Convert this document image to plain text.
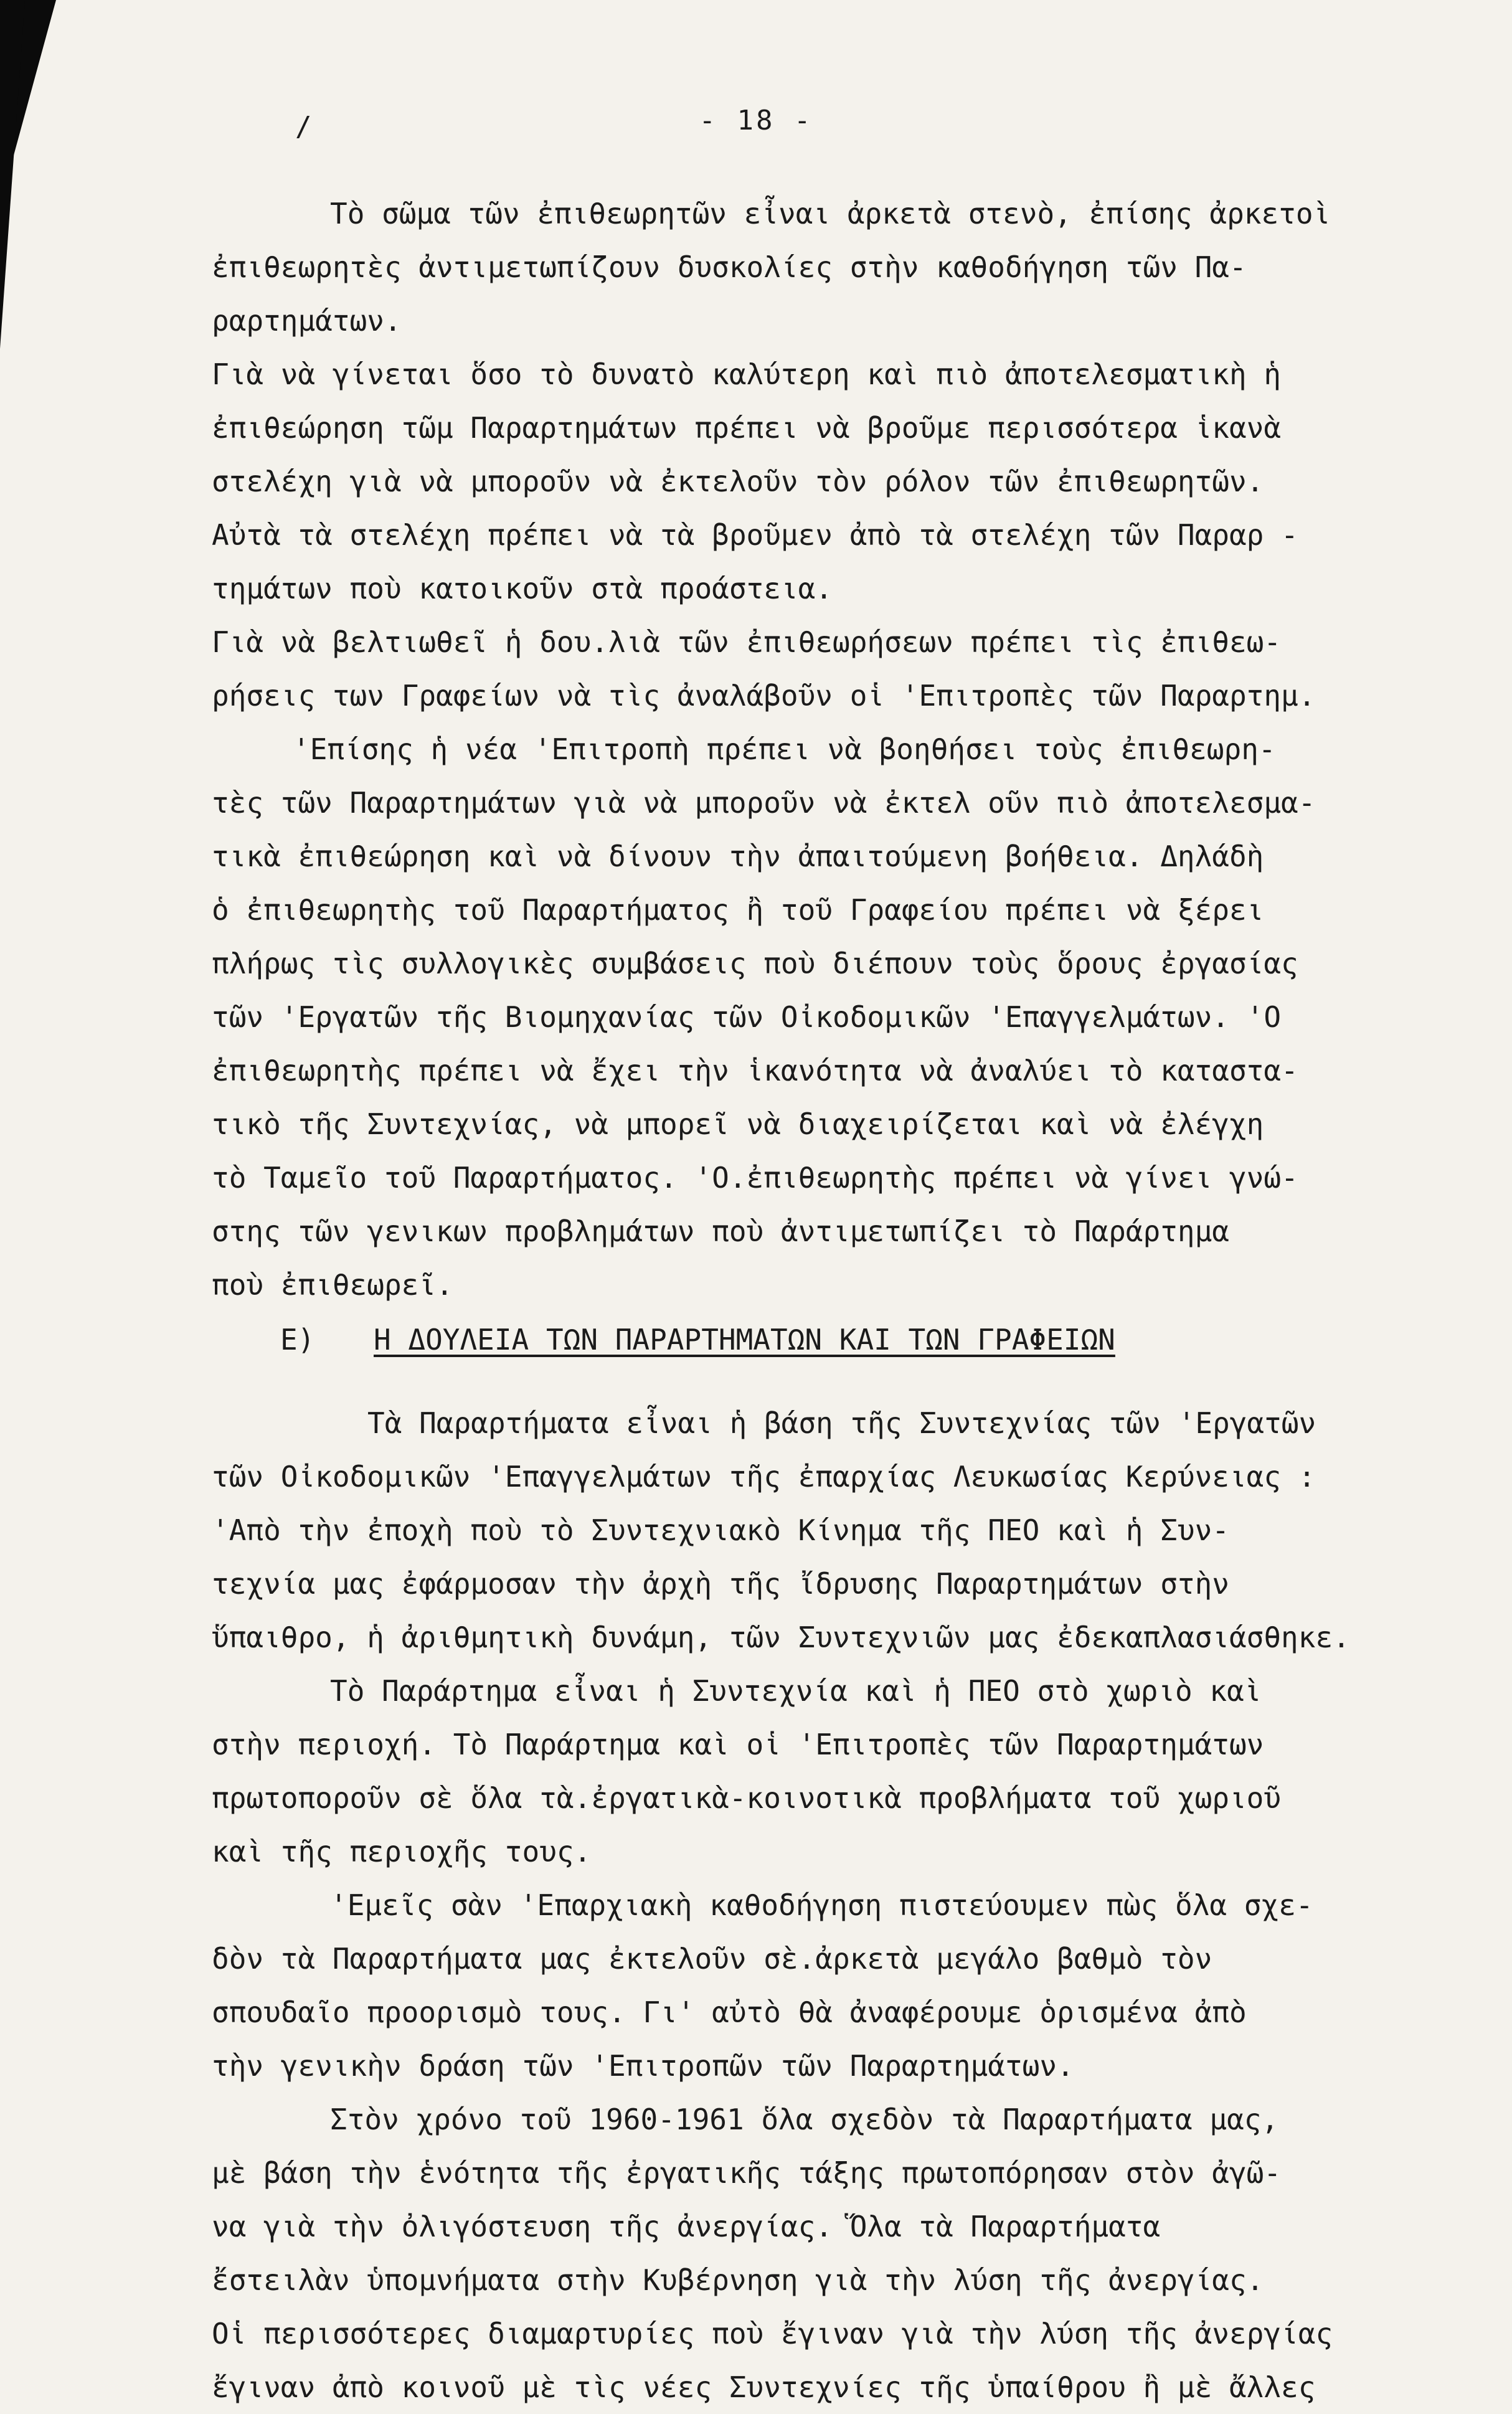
/	- 18 -
Τὸ σῶμα τῶν ἐπιθεωρητῶν εἶναι ἀρκετὰ στενὸ, ἐπίσης ἀρκετοὶ
ἐπιθεωρητὲς ἀντιμετωπίζουν δυσκολίες στὴν καθοδήγηση τῶν Πα-
ραρτημάτων.
Γιὰ νὰ γίνεται ὅσο τὸ δυνατὸ καλύτερη καὶ πιὸ ἀποτελεσματικὴ ἡ
ἐπιθεώρηση τῶμ Παραρτημάτων πρέπει νὰ βροῦμε περισσότερα ἱκανὰ
στελέχη γιὰ νὰ μποροῦν νὰ ἐκτελοῦν τὸν ρόλον τῶν ἐπιθεωρητῶν.
Αὐτὰ τὰ στελέχη πρέπει νὰ τὰ βροῦμεν ἀπὸ τὰ στελέχη τῶν Παραρ -
τημάτων ποὺ κατοικοῦν στὰ προάστεια.
Γιὰ νὰ βελτιωθεῖ ἡ δου.λιὰ τῶν ἐπιθεωρήσεων πρέπει τὶς ἐπιθεω-
ρήσεις των Γραφείων νὰ τὶς ἀναλάβοῦν οἱ 'Επιτροπὲς τῶν Παραρτημ.
'Επίσης ἡ νέα 'Επιτροπὴ πρέπει νὰ βοηθήσει τοὺς ἐπιθεωρη-
τὲς τῶν Παραρτημάτων γιὰ νὰ μποροῦν νὰ ἐκτελ οῦν πιὸ ἀποτελεσμα-
τικὰ ἐπιθεώρηση καὶ νὰ δίνουν τὴν ἀπαιτούμενη βοήθεια. Δηλάδὴ
ὁ ἐπιθεωρητὴς τοῦ Παραρτήματος ἢ τοῦ Γραφείου πρέπει νὰ ξέρει
πλήρως τὶς συλλογικὲς συμβάσεις ποὺ διέπουν τοὺς ὅρους ἐργασίας
τῶν 'Εργατῶν τῆς Βιομηχανίας τῶν Οἰκοδομικῶν 'Επαγγελμάτων. 'Ο
ἐπιθεωρητὴς πρέπει νὰ ἔχει τὴν ἱκανότητα νὰ ἀναλύει τὸ καταστα-
τικὸ τῆς Συντεχνίας, νὰ μπορεῖ νὰ διαχειρίζεται καὶ νὰ ἐλέγχη
τὸ Ταμεῖο τοῦ Παραρτήματος. 'Ο.ἐπιθεωρητὴς πρέπει νὰ γίνει γνώ-
στης τῶν γενικων προβλημάτων ποὺ ἀντιμετωπίζει τὸ Παράρτημα
ποὺ ἐπιθεωρεῖ.
Ε) Η ΔΟΥΛΕΙΑ ΤΩΝ ΠΑΡΑΡΤΗΜΑΤΩΝ ΚΑΙ ΤΩΝ ΓΡΑΦΕΙΩΝ
Τὰ Παραρτήματα εἶναι ἡ βάση τῆς Συντεχνίας τῶν 'Εργατῶν
τῶν Οἰκοδομικῶν 'Επαγγελμάτων τῆς ἐπαρχίας Λευκωσίας Κερύνειας :
'Απὸ τὴν ἐποχὴ ποὺ τὸ Συντεχνιακὸ Κίνημα τῆς ΠΕΟ καὶ ἡ Συν-
τεχνία μας ἐφάρμοσαν τὴν ἀρχὴ τῆς ἴδρυσης Παραρτημάτων στὴν
ὕπαιθρο, ἡ ἀριθμητικὴ δυνάμη, τῶν Συντεχνιῶν μας ἐδεκαπλασιάσθηκε.
Τὸ Παράρτημα εἶναι ἡ Συντεχνία καὶ ἡ ΠΕΟ στὸ χωριὸ καὶ
στὴν περιοχή. Τὸ Παράρτημα καὶ οἱ 'Επιτροπὲς τῶν Παραρτημάτων
πρωτοποροῦν σὲ ὅλα τὰ.ἐργατικὰ-κοινοτικὰ προβλήματα τοῦ χωριοῦ
καὶ τῆς περιοχῆς τους.
'Εμεῖς σὰν 'Επαρχιακὴ καθοδήγηση πιστεύουμεν πὼς ὅλα σχε-
δὸν τὰ Παραρτήματα μας ἐκτελοῦν σὲ.ἀρκετὰ μεγάλο βαθμὸ τὸν
σπουδαῖο προορισμὸ τους. Γι' αὐτὸ θὰ ἀναφέρουμε ὁρισμένα ἀπὸ
τὴν γενικὴν δράση τῶν 'Επιτροπῶν τῶν Παραρτημάτων.
Στὸν χρόνο τοῦ 1960-1961 ὅλα σχεδὸν τὰ Παραρτήματα μας,
μὲ βάση τὴν ἑνότητα τῆς ἐργατικῆς τάξης πρωτοπόρησαν στὸν ἀγῶ-
να γιὰ τὴν ὀλιγόστευση τῆς ἀνεργίας. Ὅλα τὰ Παραρτήματα
ἔστειλὰν ὑπομνήματα στὴν Κυβέρνηση γιὰ τὴν λύση τῆς ἀνεργίας.
Οἱ περισσότερες διαμαρτυρίες ποὺ ἔγιναν γιὰ τὴν λύση τῆς ἀνεργίας
ἔγιναν ἀπὸ κοινοῦ μὲ τὶς νέες Συντεχνίες τῆς ὑπαίθρου ἢ μὲ ἄλλες
